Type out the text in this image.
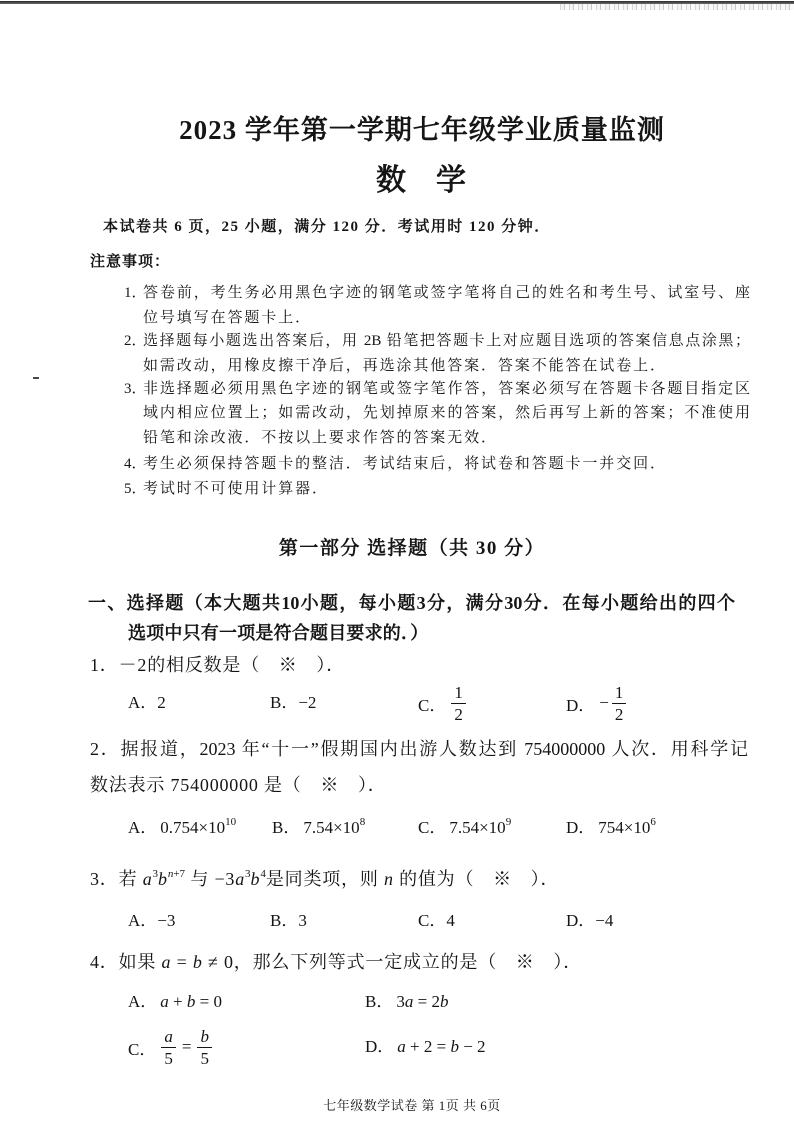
2023 学年第一学期七年级学业质量监测
数　学
本试卷共 6 页，25 小题，满分 120 分．考试用时 120 分钟．
注意事项：
1．
答卷前，考生务必用黑色字迹的钢笔或签字笔将自己的姓名和考生号、试室号、座
位号填写在答题卡上．
2．
选择题每小题选出答案后，用 2B 铅笔把答题卡上对应题目选项的答案信息点涂黑；
如需改动，用橡皮擦干净后，再选涂其他答案．答案不能答在试卷上．
3．
非选择题必须用黑色字迹的钢笔或签字笔作答，答案必须写在答题卡各题目指定区
域内相应位置上；如需改动，先划掉原来的答案，然后再写上新的答案；不准使用
铅笔和涂改液．不按以上要求作答的答案无效．
4．
考生必须保持答题卡的整洁．考试结束后，将试卷和答题卡一并交回．
5．
考试时不可使用计算器．
第一部分 选择题（共 30 分）
一、选择题（本大题共10小题，每小题3分，满分30分．在每小题给出的四个
选项中只有一项是符合题目要求的．）
1．－2的相反数是（　※　）．
A．2	B．−2	C． $\frac{1}{2}$	D． − $\frac{1}{2}$
2．据报道，2023 年“十一”假期国内出游人数达到 754000000 人次．用科学记
数法表示 754000000 是（　※　）．
A． $0.754\times 10^{10}$ B． $7.54\times 10^8$	C． $7.54\times 10^9$	D． $754\times 10^6$
3．若 $a^3b^{n+7}$ 与 $-3a^3b^4$是同类项，则 n 的值为（　※　）．
A．−3	B．3	C．4	D．−4
4．如果 a = b ≠ 0，那么下列等式一定成立的是（　※　）．
A． a + b = 0	B． 3a = 2b
C． $\frac{a}{5} = \frac{b}{5}$	D． a + 2 = b − 2
七年级数学试卷 第 1页 共 6页
